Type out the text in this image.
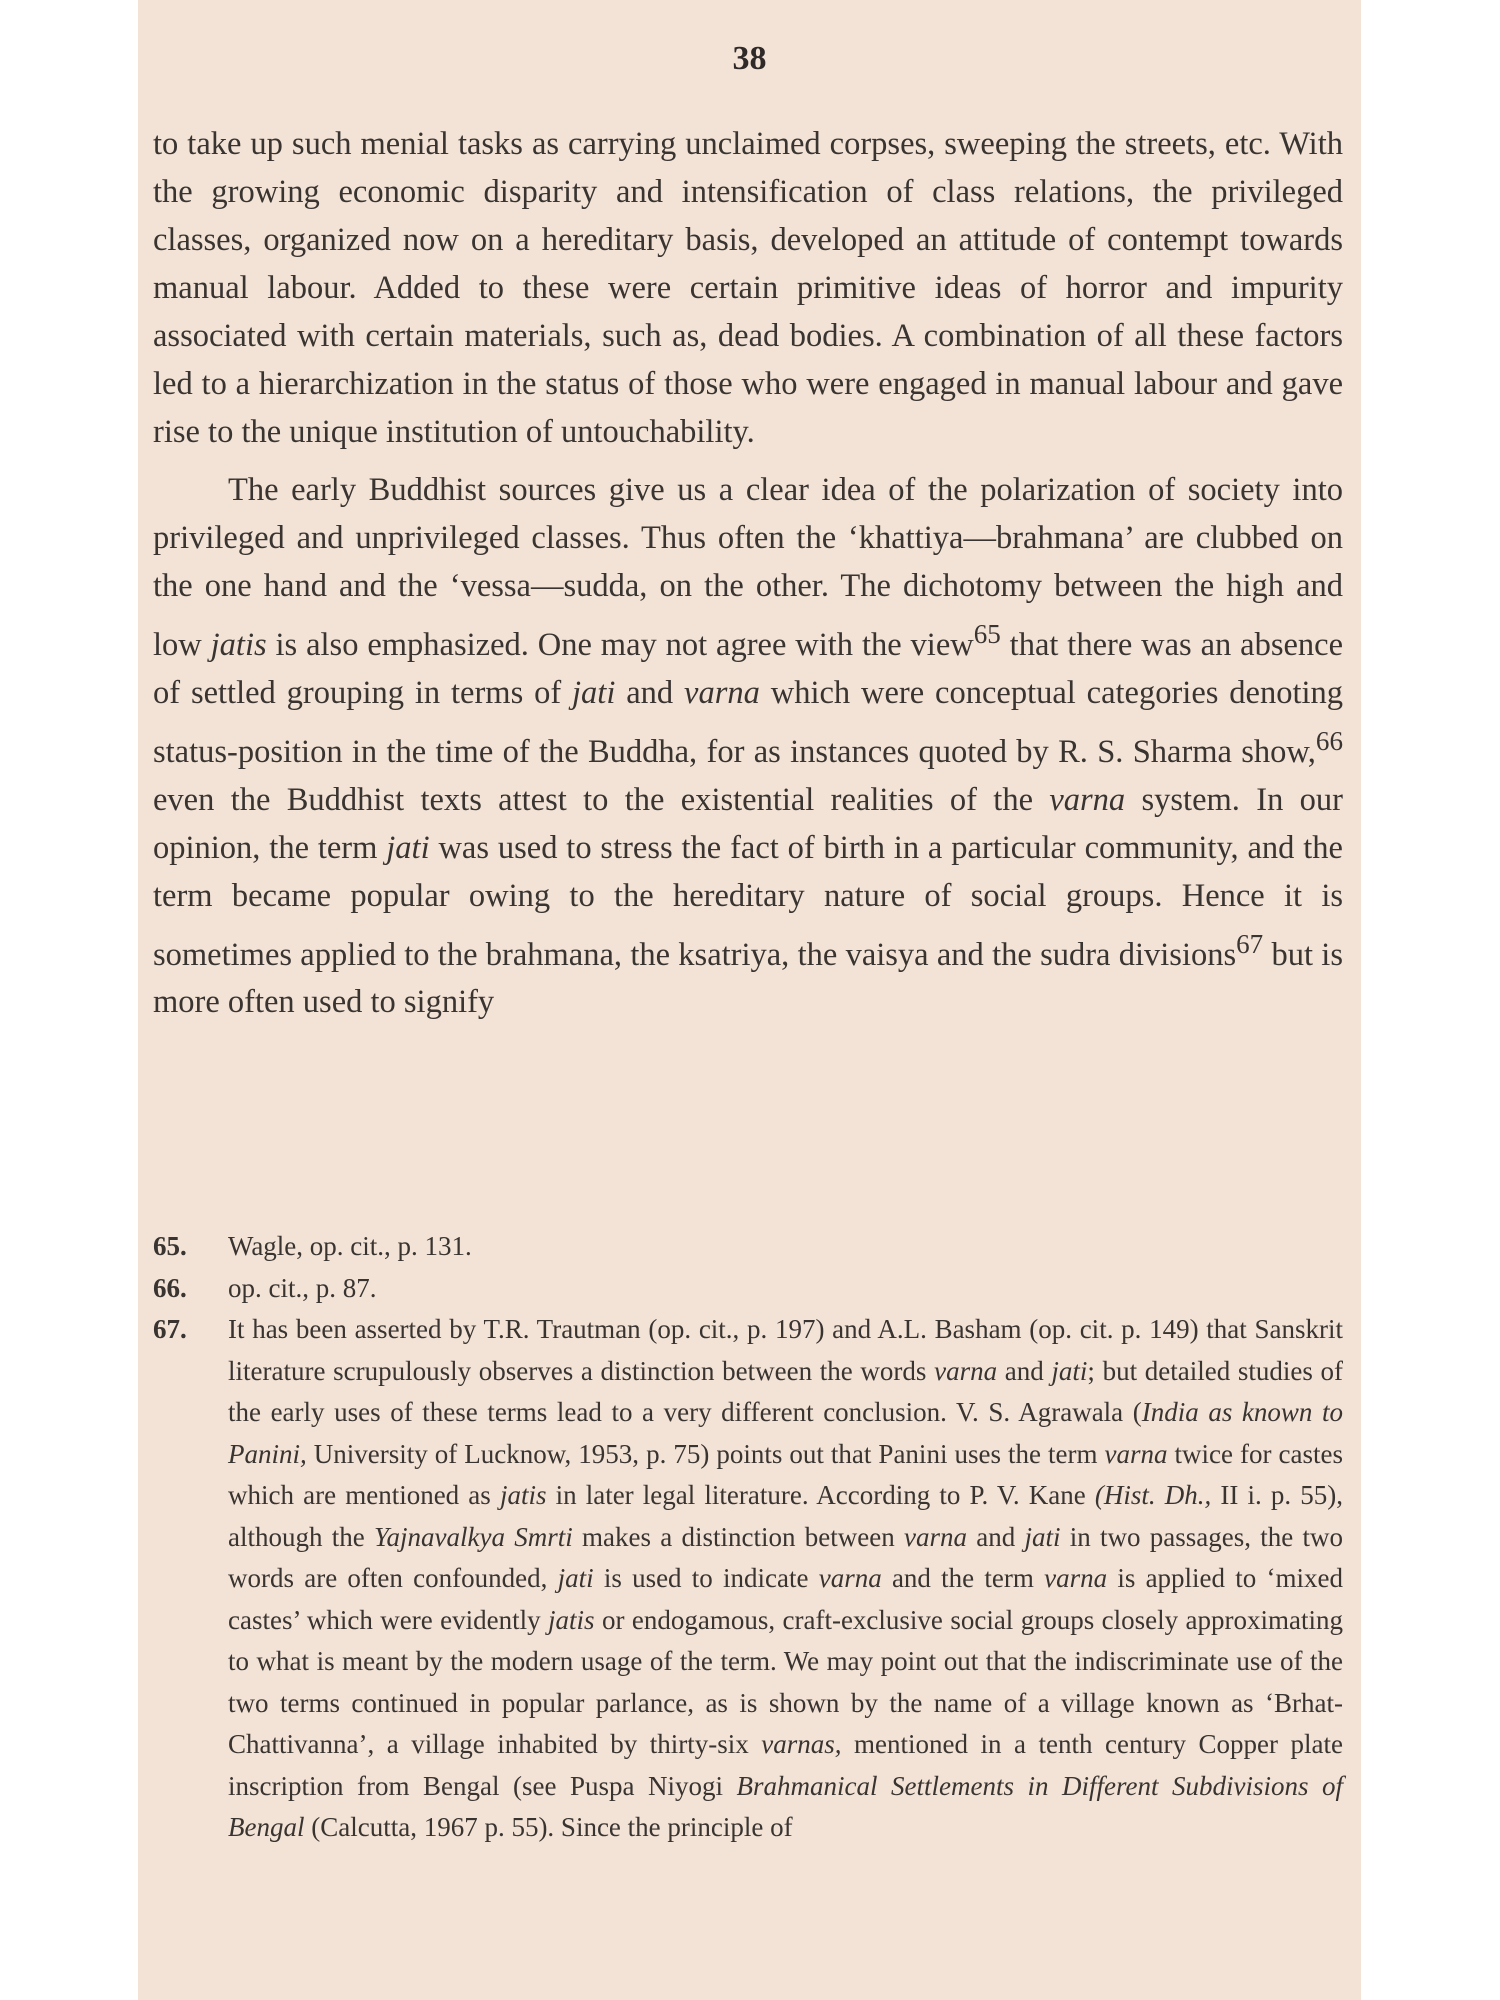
38

to take up such menial tasks as carrying unclaimed corpses, sweeping the streets, etc. With the growing economic disparity and intensification of class relations, the privileged classes, organized now on a hereditary basis, developed an attitude of contempt towards manual labour. Added to these were certain primitive ideas of horror and impurity associated with certain materials, such as, dead bodies. A combination of all these factors led to a hierarchization in the status of those who were engaged in manual labour and gave rise to the unique institution of untouchability.

The early Buddhist sources give us a clear idea of the polarization of society into privileged and unprivileged classes. Thus often the ‘khattiya—brahmana’ are clubbed on the one hand and the ‘vessa—sudda, on the other. The dichotomy between the high and low jatis is also emphasized. One may not agree with the view$^{65}$ that there was an absence of settled grouping in terms of jati and varna which were conceptual categories denoting status-position in the time of the Buddha, for as instances quoted by R. S. Sharma show,$^{66}$ even the Buddhist texts attest to the existential realities of the varna system. In our opinion, the term jati was used to stress the fact of birth in a particular community, and the term became popular owing to the hereditary nature of social groups. Hence it is sometimes applied to the brahmana, the ksatriya, the vaisya and the sudra divisions$^{67}$ but is more often used to signify

65.	Wagle, op. cit., p. 131.
66.	op. cit., p. 87.
67.	It has been asserted by T.R. Trautman (op. cit., p. 197) and A.L. Basham (op. cit. p. 149) that Sanskrit literature scrupulously observes a distinction between the words varna and jati; but detailed studies of the early uses of these terms lead to a very different conclusion. V. S. Agrawala (India as known to Panini, University of Lucknow, 1953, p. 75) points out that Panini uses the term varna twice for castes which are mentioned as jatis in later legal literature. According to P. V. Kane (Hist. Dh., II i. p. 55), although the Yajnavalkya Smrti makes a distinction between varna and jati in two passages, the two words are often confounded, jati is used to indicate varna and the term varna is applied to ‘mixed castes’ which were evidently jatis or endogamous, craft-exclusive social groups closely approximating to what is meant by the modern usage of the term. We may point out that the indiscriminate use of the two terms continued in popular parlance, as is shown by the name of a village known as ‘Brhat-Chattivanna’, a village inhabited by thirty-six varnas, mentioned in a tenth century Copper plate inscription from Bengal (see Puspa Niyogi Brahmanical Settlements in Different Subdivisions of Bengal (Calcutta, 1967 p. 55). Since the principle of
